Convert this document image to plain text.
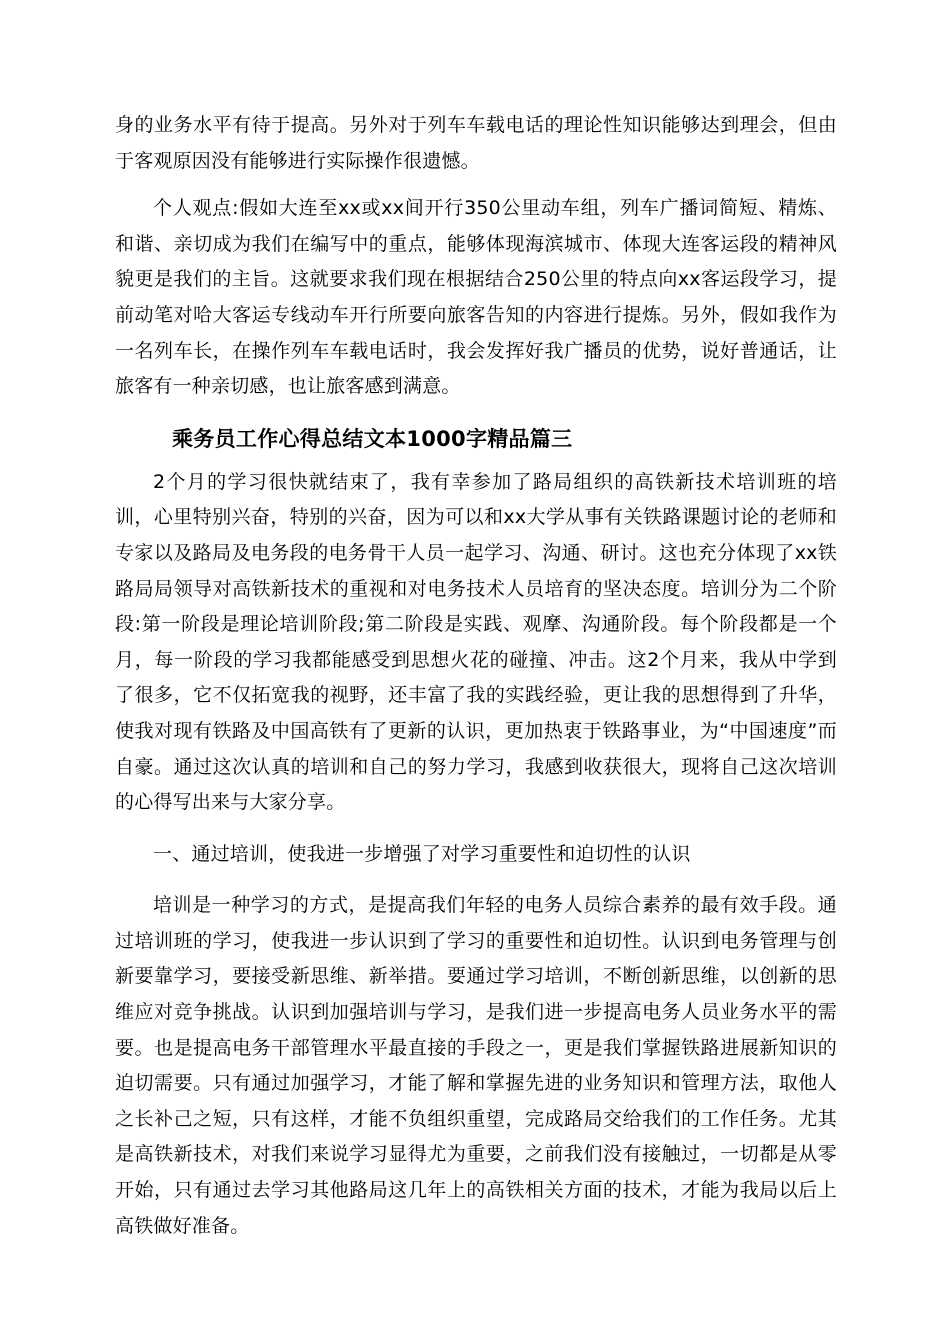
身的业务水平有待于提高。另外对于列车车载电话的理论性知识能够达到理会，但由于客观原因没有能够进行实际操作很遗憾。

个人观点:假如大连至xx或xx间开行350公里动车组，列车广播词简短、精炼、和谐、亲切成为我们在编写中的重点，能够体现海滨城市、体现大连客运段的精神风貌更是我们的主旨。这就要求我们现在根据结合250公里的特点向xx客运段学习，提前动笔对哈大客运专线动车开行所要向旅客告知的内容进行提炼。另外，假如我作为一名列车长，在操作列车车载电话时，我会发挥好我广播员的优势，说好普通话，让旅客有一种亲切感，也让旅客感到满意。

乘务员工作心得总结文本1000字精品篇三

2个月的学习很快就结束了，我有幸参加了路局组织的高铁新技术培训班的培训，心里特别兴奋，特别的兴奋，因为可以和xx大学从事有关铁路课题讨论的老师和专家以及路局及电务段的电务骨干人员一起学习、沟通、研讨。这也充分体现了xx铁路局局领导对高铁新技术的重视和对电务技术人员培育的坚决态度。培训分为二个阶段:第一阶段是理论培训阶段;第二阶段是实践、观摩、沟通阶段。每个阶段都是一个月，每一阶段的学习我都能感受到思想火花的碰撞、冲击。这2个月来，我从中学到了很多，它不仅拓宽我的视野，还丰富了我的实践经验，更让我的思想得到了升华，使我对现有铁路及中国高铁有了更新的认识，更加热衷于铁路事业，为“中国速度”而自豪。通过这次认真的培训和自己的努力学习，我感到收获很大，现将自己这次培训的心得写出来与大家分享。

一、通过培训，使我进一步增强了对学习重要性和迫切性的认识

培训是一种学习的方式，是提高我们年轻的电务人员综合素养的最有效手段。通过培训班的学习，使我进一步认识到了学习的重要性和迫切性。认识到电务管理与创新要靠学习，要接受新思维、新举措。要通过学习培训，不断创新思维，以创新的思维应对竞争挑战。认识到加强培训与学习，是我们进一步提高电务人员业务水平的需要。也是提高电务干部管理水平最直接的手段之一，更是我们掌握铁路进展新知识的迫切需要。只有通过加强学习，才能了解和掌握先进的业务知识和管理方法，取他人之长补己之短，只有这样，才能不负组织重望，完成路局交给我们的工作任务。尤其是高铁新技术，对我们来说学习显得尤为重要，之前我们没有接触过，一切都是从零开始，只有通过去学习其他路局这几年上的高铁相关方面的技术，才能为我局以后上高铁做好准备。
